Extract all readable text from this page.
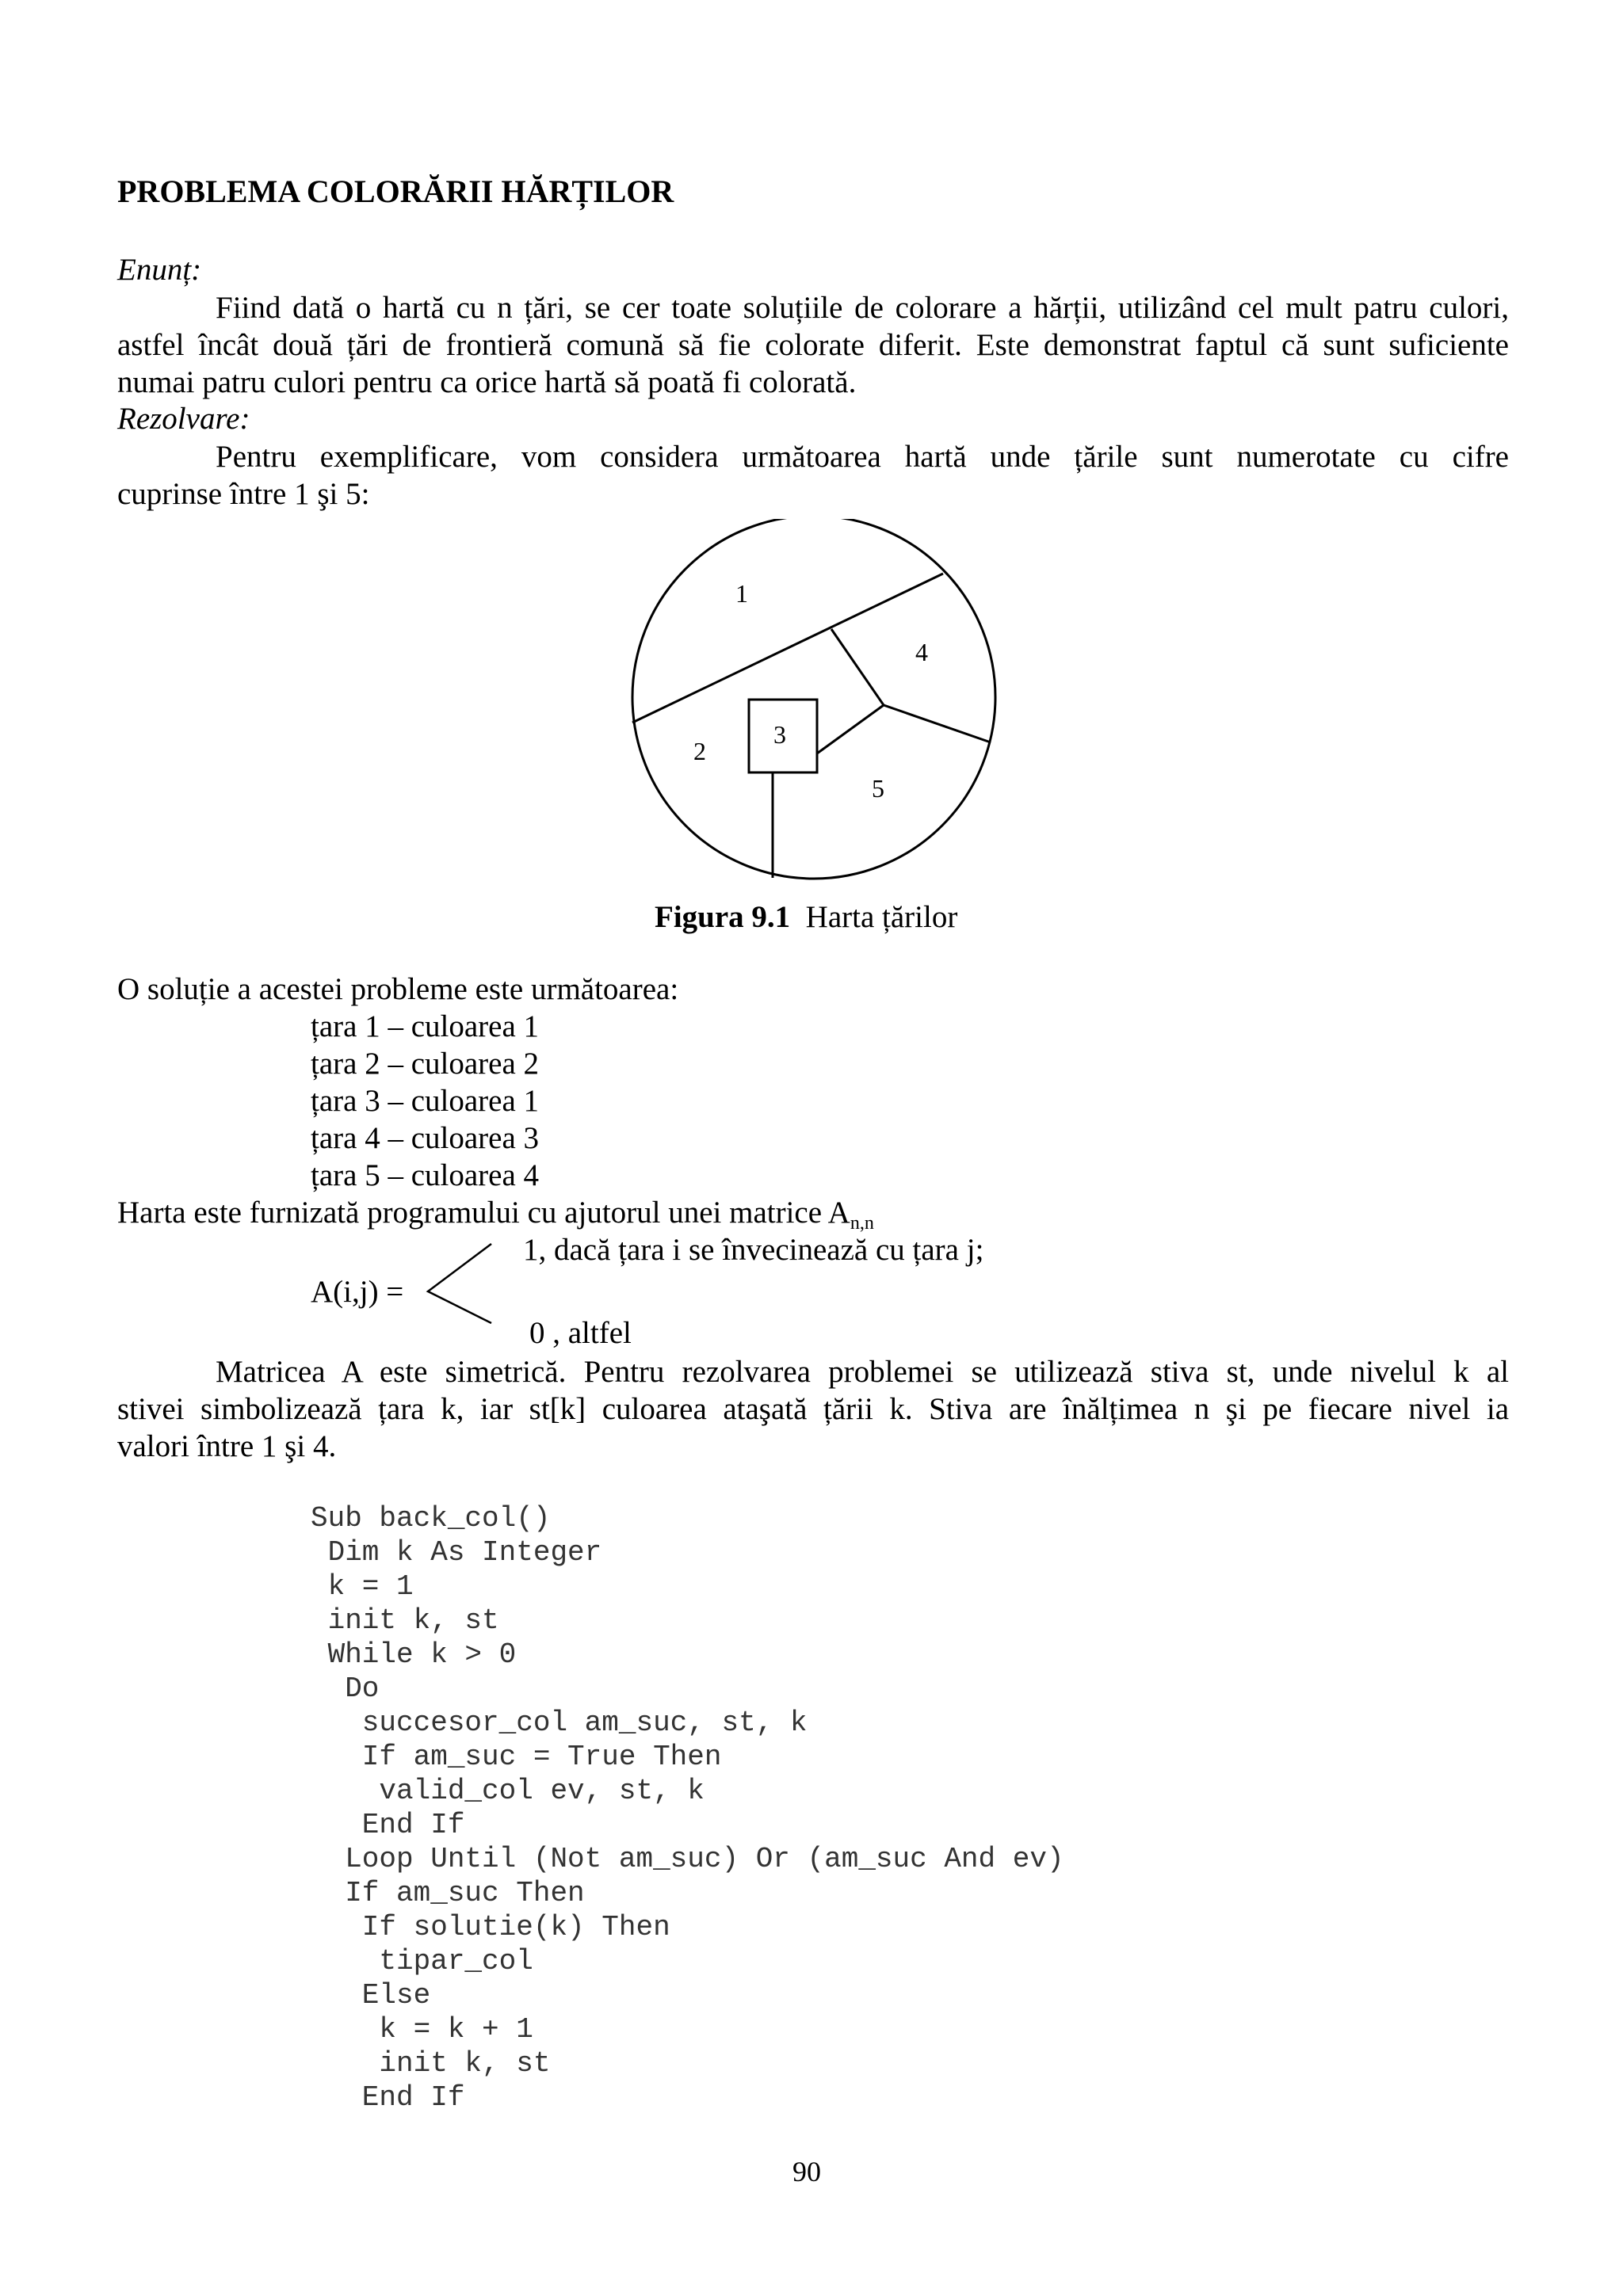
PROBLEMA COLORĂRII HĂRȚILOR
Enunț:
Fiind dată o hartă cu n țări, se cer toate soluțiile de colorare a hărții, utilizând cel mult patru culori,
astfel încât două țări de frontieră comună să fie colorate diferit. Este demonstrat faptul că sunt suficiente
numai patru culori pentru ca orice hartă să poată fi colorată.
Rezolvare:
Pentru exemplificare, vom considera următoarea hartă unde țările sunt numerotate cu cifre
cuprinse între 1 şi 5:
1
4
3
2
5
Figura 9.1 Harta țărilor
O soluție a acestei probleme este următoarea:
țara 1 – culoarea 1
țara 2 – culoarea 2
țara 3 – culoarea 1
țara 4 – culoarea 3
țara 5 – culoarea 4
Harta este furnizată programului cu ajutorul unei matrice $A_{n,n}$
1, dacă țara i se învecinează cu țara j;
A(i,j) =
0 , altfel
Matricea A este simetrică. Pentru rezolvarea problemei se utilizează stiva st, unde nivelul k al
stivei simbolizează țara k, iar st[k] culoarea ataşată țării k. Stiva are înălțimea n şi pe fiecare nivel ia
valori între 1 şi 4.
Sub back_col()
Dim k As Integer
k = 1
init k, st
While k > 0
Do
succesor_col am_suc, st, k
If am_suc = True Then
valid_col ev, st, k
End If
Loop Until (Not am_suc) Or (am_suc And ev)
If am_suc Then
If solutie(k) Then
tipar_col
Else
k = k + 1
init k, st
End If
90
